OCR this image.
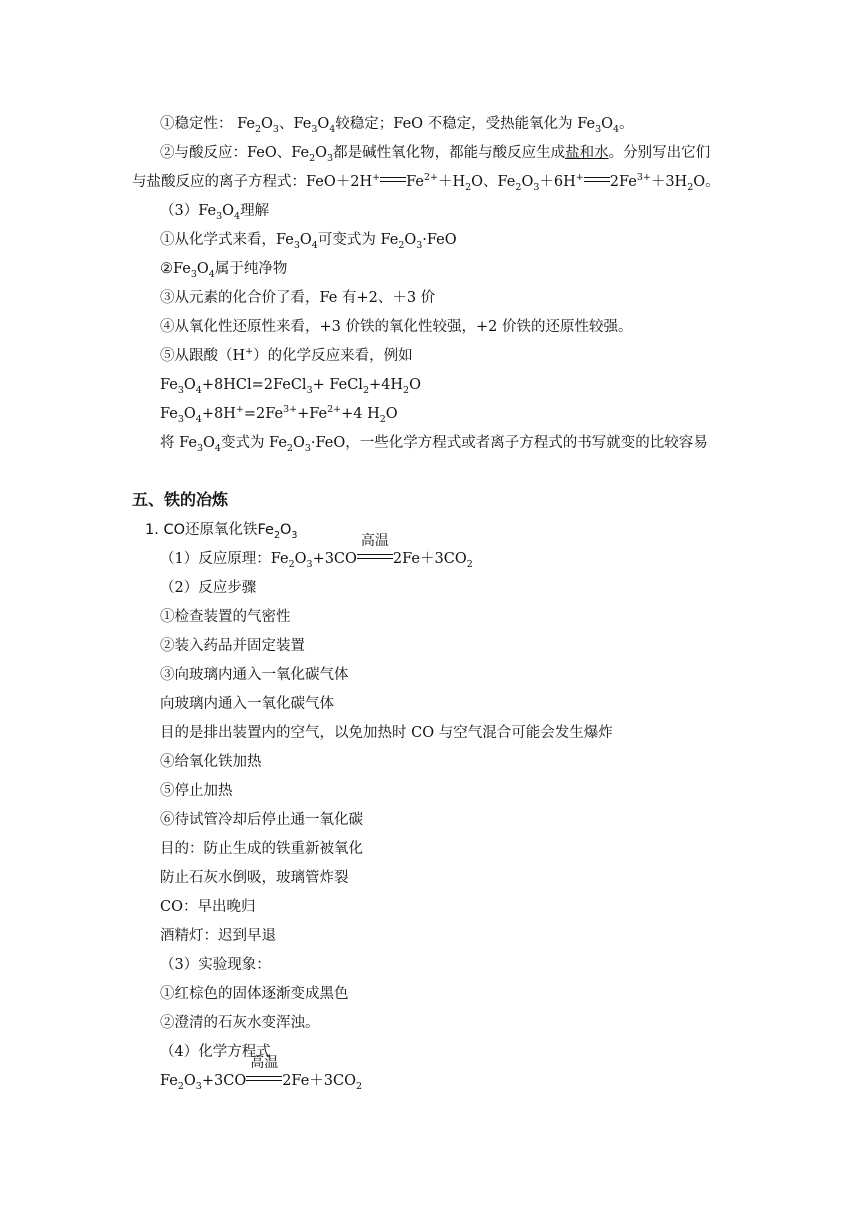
①稳定性： $Fe_2O_3$、$Fe_3O_4$较稳定；FeO 不稳定，受热能氧化为 $Fe_3O_4$。
②与酸反应：FeO、$Fe_2O_3$都是碱性氧化物，都能与酸反应生成盐和水。分别写出它们
与盐酸反应的离子方程式：FeO＋2H+ $Fe^{2+}+H_2O$、$Fe_2O_3+6H^+$ $2Fe^{3+}+3H_2O$。
$(3)Fe_3O_4$理解
①从化学式来看，$Fe_3O_4$可变式为 $Fe_2O_3\cdot FeO$
$②Fe_3O_4$属于纯净物
③从元素的化合价了看，Fe 有+2、＋3 价
④从氧化性还原性来看，+3 价铁的氧化性较强，+2 价铁的还原性较强。
⑤从跟酸（H+）的化学反应来看，例如
$Fe_3O_4+8HCl=2FeCl_3+$ $FeCl_2+4H_2O$
$Fe_3O_4+8H^+=2Fe^{3+}+Fe^{2+}+4$ $H_2O$
将 $Fe_3O_4$变式为 $Fe_2O_3\cdot FeO$，一些化学方程式或者离子方程式的书写就变的比较容易
五、铁的冶炼
1. CO还原氧化铁$Fe_2O_3$
（1）反应原理：$Fe_2O_3+3CO$
高温
$2Fe+3CO_2$
（2）反应步骤
①检查装置的气密性
②装入药品并固定装置
③向玻璃内通入一氧化碳气体
向玻璃内通入一氧化碳气体
目的是排出装置内的空气，以免加热时 CO 与空气混合可能会发生爆炸
④给氧化铁加热
⑤停止加热
⑥待试管冷却后停止通一氧化碳
目的：防止生成的铁重新被氧化
防止石灰水倒吸，玻璃管炸裂
CO：早出晚归
酒精灯：迟到早退
（3）实验现象：
①红棕色的固体逐渐变成黑色
②澄清的石灰水变浑浊。
（4）化学方程式
$Fe_2O_3+3CO$
高温
$2Fe+3CO_2$
